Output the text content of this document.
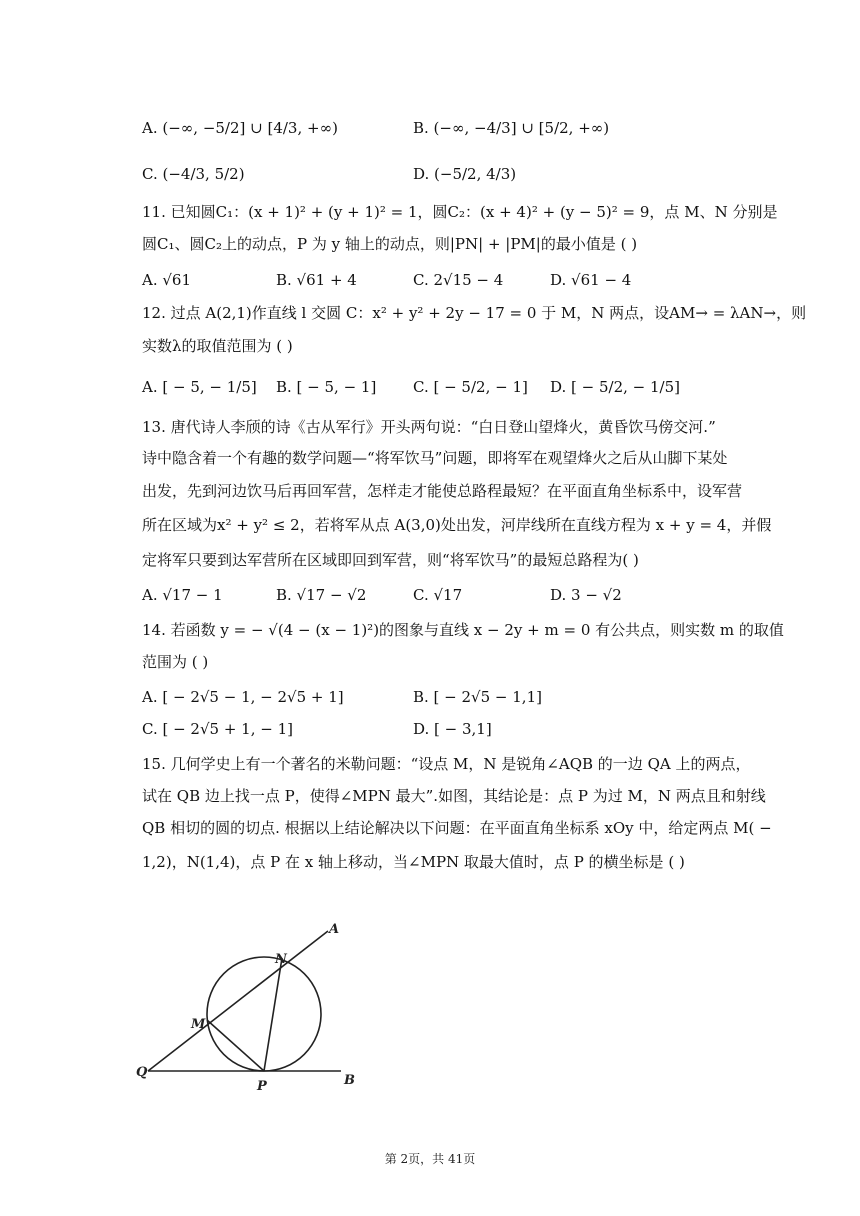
A. (−∞, −5/2] ∪ [4/3, +∞)	B. (−∞, −4/3] ∪ [5/2, +∞)
C. (−4/3, 5/2)	D. (−5/2, 4/3)
11. 已知圆C₁：(x + 1)² + (y + 1)² = 1，圆C₂：(x + 4)² + (y − 5)² = 9，点 M、N 分别是
圆C₁、圆C₂上的动点，P 为 y 轴上的动点，则|PN| + |PM|的最小值是 ( )
A. √61	B. √61 + 4	C. 2√15 − 4	D. √61 − 4
12. 过点 A(2,1)作直线 l 交圆 C：x² + y² + 2y − 17 = 0 于 M，N 两点，设AM→ = λAN→，则
实数λ的取值范围为 ( )
A. [ − 5, − 1/5] B. [ − 5, − 1] C. [ − 5/2, − 1] D. [ − 5/2, − 1/5]
13. 唐代诗人李颀的诗《古从军行》开头两句说：“白日登山望烽火，黄昏饮马傍交河.”
诗中隐含着一个有趣的数学问题—“将军饮马”问题，即将军在观望烽火之后从山脚下某处
出发，先到河边饮马后再回军营，怎样走才能使总路程最短？在平面直角坐标系中，设军营
所在区域为x² + y² ≤ 2，若将军从点 A(3,0)处出发，河岸线所在直线方程为 x + y = 4，并假
定将军只要到达军营所在区域即回到军营，则“将军饮马”的最短总路程为( )
A. √17 − 1	B. √17 − √2	C. √17	D. 3 − √2
14. 若函数 y = − √(4 − (x − 1)²)的图象与直线 x − 2y + m = 0 有公共点，则实数 m 的取值
范围为 ( )
A. [ − 2√5 − 1, − 2√5 + 1]	B. [ − 2√5 − 1,1]
C. [ − 2√5 + 1, − 1]	D. [ − 3,1]
15. 几何学史上有一个著名的米勒问题：“设点 M，N 是锐角∠AQB 的一边 QA 上的两点，
试在 QB 边上找一点 P，使得∠MPN 最大”.如图，其结论是：点 P 为过 M，N 两点且和射线
QB 相切的圆的切点. 根据以上结论解决以下问题：在平面直角坐标系 xOy 中，给定两点 M( −
1,2)，N(1,4)，点 P 在 x 轴上移动，当∠MPN 取最大值时，点 P 的横坐标是 ( )
A
N
M
Q
P	B
第 2页，共 41页
